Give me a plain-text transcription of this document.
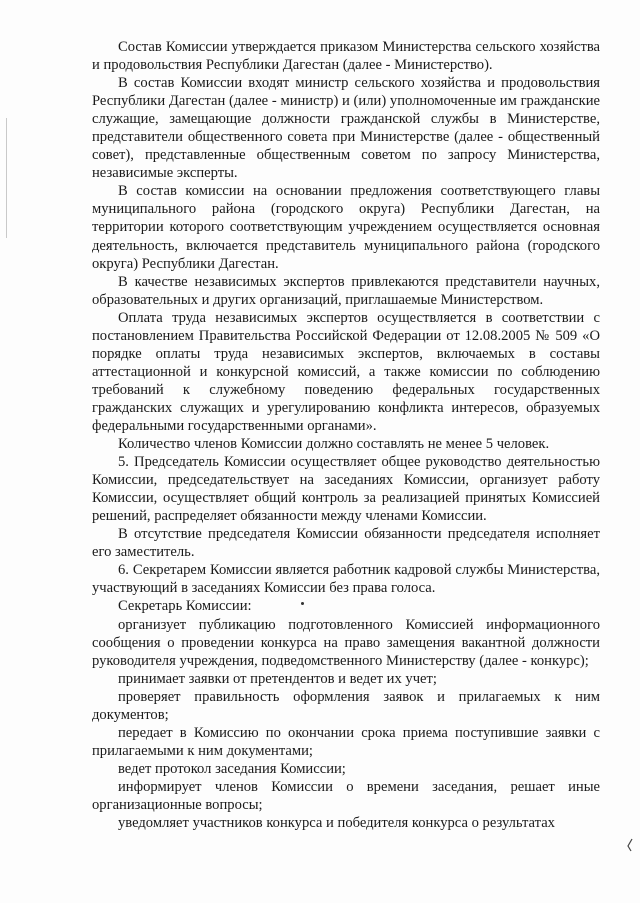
Состав Комиссии утверждается приказом Министерства сельского хозяйства и продовольствия Республики Дагестан (далее - Министерство).

В состав Комиссии входят министр сельского хозяйства и продовольствия Республики Дагестан (далее - министр) и (или) уполномоченные им гражданские служащие, замещающие должности гражданской службы в Министерстве, представители общественного совета при Министерстве (далее - общественный совет), представленные общественным советом по запросу Министерства, независимые эксперты.

В состав комиссии на основании предложения соответствующего главы муниципального района (городского округа) Республики Дагестан, на территории которого соответствующим учреждением осуществляется основная деятельность, включается представитель муниципального района (городского округа) Республики Дагестан.

В качестве независимых экспертов привлекаются представители научных, образовательных и других организаций, приглашаемые Министерством.

Оплата труда независимых экспертов осуществляется в соответствии с постановлением Правительства Российской Федерации от 12.08.2005 № 509 «О порядке оплаты труда независимых экспертов, включаемых в составы аттестационной и конкурсной комиссий, а также комиссии по соблюдению требований к служебному поведению федеральных государственных гражданских служащих и урегулированию конфликта интересов, образуемых федеральными государственными органами».

Количество членов Комиссии должно составлять не менее 5 человек.

5. Председатель Комиссии осуществляет общее руководство деятельностью Комиссии, председательствует на заседаниях Комиссии, организует работу Комиссии, осуществляет общий контроль за реализацией принятых Комиссией решений, распределяет обязанности между членами Комиссии.

В отсутствие председателя Комиссии обязанности председателя исполняет его заместитель.

6. Секретарем Комиссии является работник кадровой службы Министерства, участвующий в заседаниях Комиссии без права голоса.

Секретарь Комиссии:

организует публикацию подготовленного Комиссией информационного сообщения о проведении конкурса на право замещения вакантной должности руководителя учреждения, подведомственного Министерству (далее - конкурс);

принимает заявки от претендентов и ведет их учет;

проверяет правильность оформления заявок и прилагаемых к ним документов;

передает в Комиссию по окончании срока приема поступившие заявки с прилагаемыми к ним документами;

ведет протокол заседания Комиссии;

информирует членов Комиссии о времени заседания, решает иные организационные вопросы;

уведомляет участников конкурса и победителя конкурса о результатах
